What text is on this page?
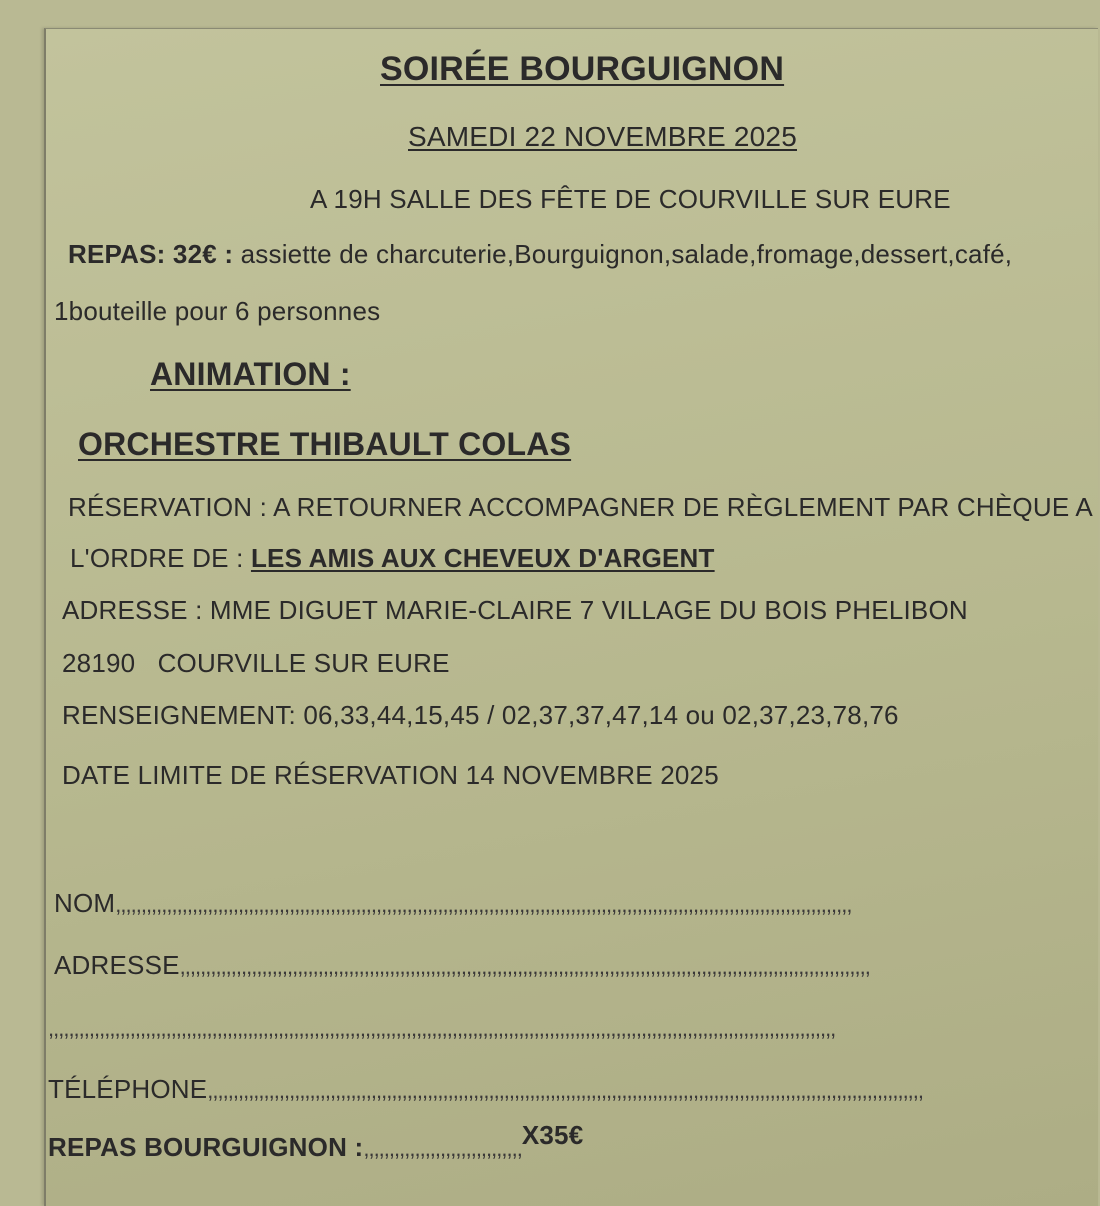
SOIRÉE BOURGUIGNON
SAMEDI 22 NOVEMBRE 2025
A 19H SALLE DES FÊTE DE COURVILLE SUR EURE
REPAS: 32€ : assiette de charcuterie,Bourguignon,salade,fromage,dessert,café,
1bouteille pour 6 personnes
ANIMATION :
ORCHESTRE THIBAULT COLAS
RÉSERVATION : A RETOURNER ACCOMPAGNER DE RÈGLEMENT PAR CHÈQUE A
L'ORDRE DE : LES AMIS AUX CHEVEUX D'ARGENT
ADRESSE : MME DIGUET MARIE-CLAIRE 7 VILLAGE DU BOIS PHELIBON
28190   COURVILLE SUR EURE
RENSEIGNEMENT: 06,33,44,15,45 / 02,37,37,47,14 ou 02,37,23,78,76
DATE LIMITE DE RÉSERVATION 14 NOVEMBRE 2025
NOM,,,,,,,,,,,,,,,,,,,,,,,,,,,,,,,,,,,,,,,,,,,,,,,,,,,,,,,,,,,,,,,,,,,,,,,,,,,,,,,,,,,,,,,,,,,,,,,,,,,,,,,,,,,,,,,,,,,,,,,,,,,,,,,,,,,,,,,,,,,,,,,,
ADRESSE,,,,,,,,,,,,,,,,,,,,,,,,,,,,,,,,,,,,,,,,,,,,,,,,,,,,,,,,,,,,,,,,,,,,,,,,,,,,,,,,,,,,,,,,,,,,,,,,,,,,,,,,,,,,,,,,,,,,,,,,,,,,,,,,,,,,,,,
,,,,,,,,,,,,,,,,,,,,,,,,,,,,,,,,,,,,,,,,,,,,,,,,,,,,,,,,,,,,,,,,,,,,,,,,,,,,,,,,,,,,,,,,,,,,,,,,,,,,,,,,,,,,,,,,,,,,,,,,,,,,,,,,,,,,,,,,,,,,,,,,,,,,,,,,,,
TÉLÉPHONE,,,,,,,,,,,,,,,,,,,,,,,,,,,,,,,,,,,,,,,,,,,,,,,,,,,,,,,,,,,,,,,,,,,,,,,,,,,,,,,,,,,,,,,,,,,,,,,,,,,,,,,,,,,,,,,,,,,,,,,,,,,,,,,,,,,,,,,,,,,,
REPAS BOURGUIGNON :,,,,,,,,,,,,,,,,,,,,,,,,,,,,,,,X35€
